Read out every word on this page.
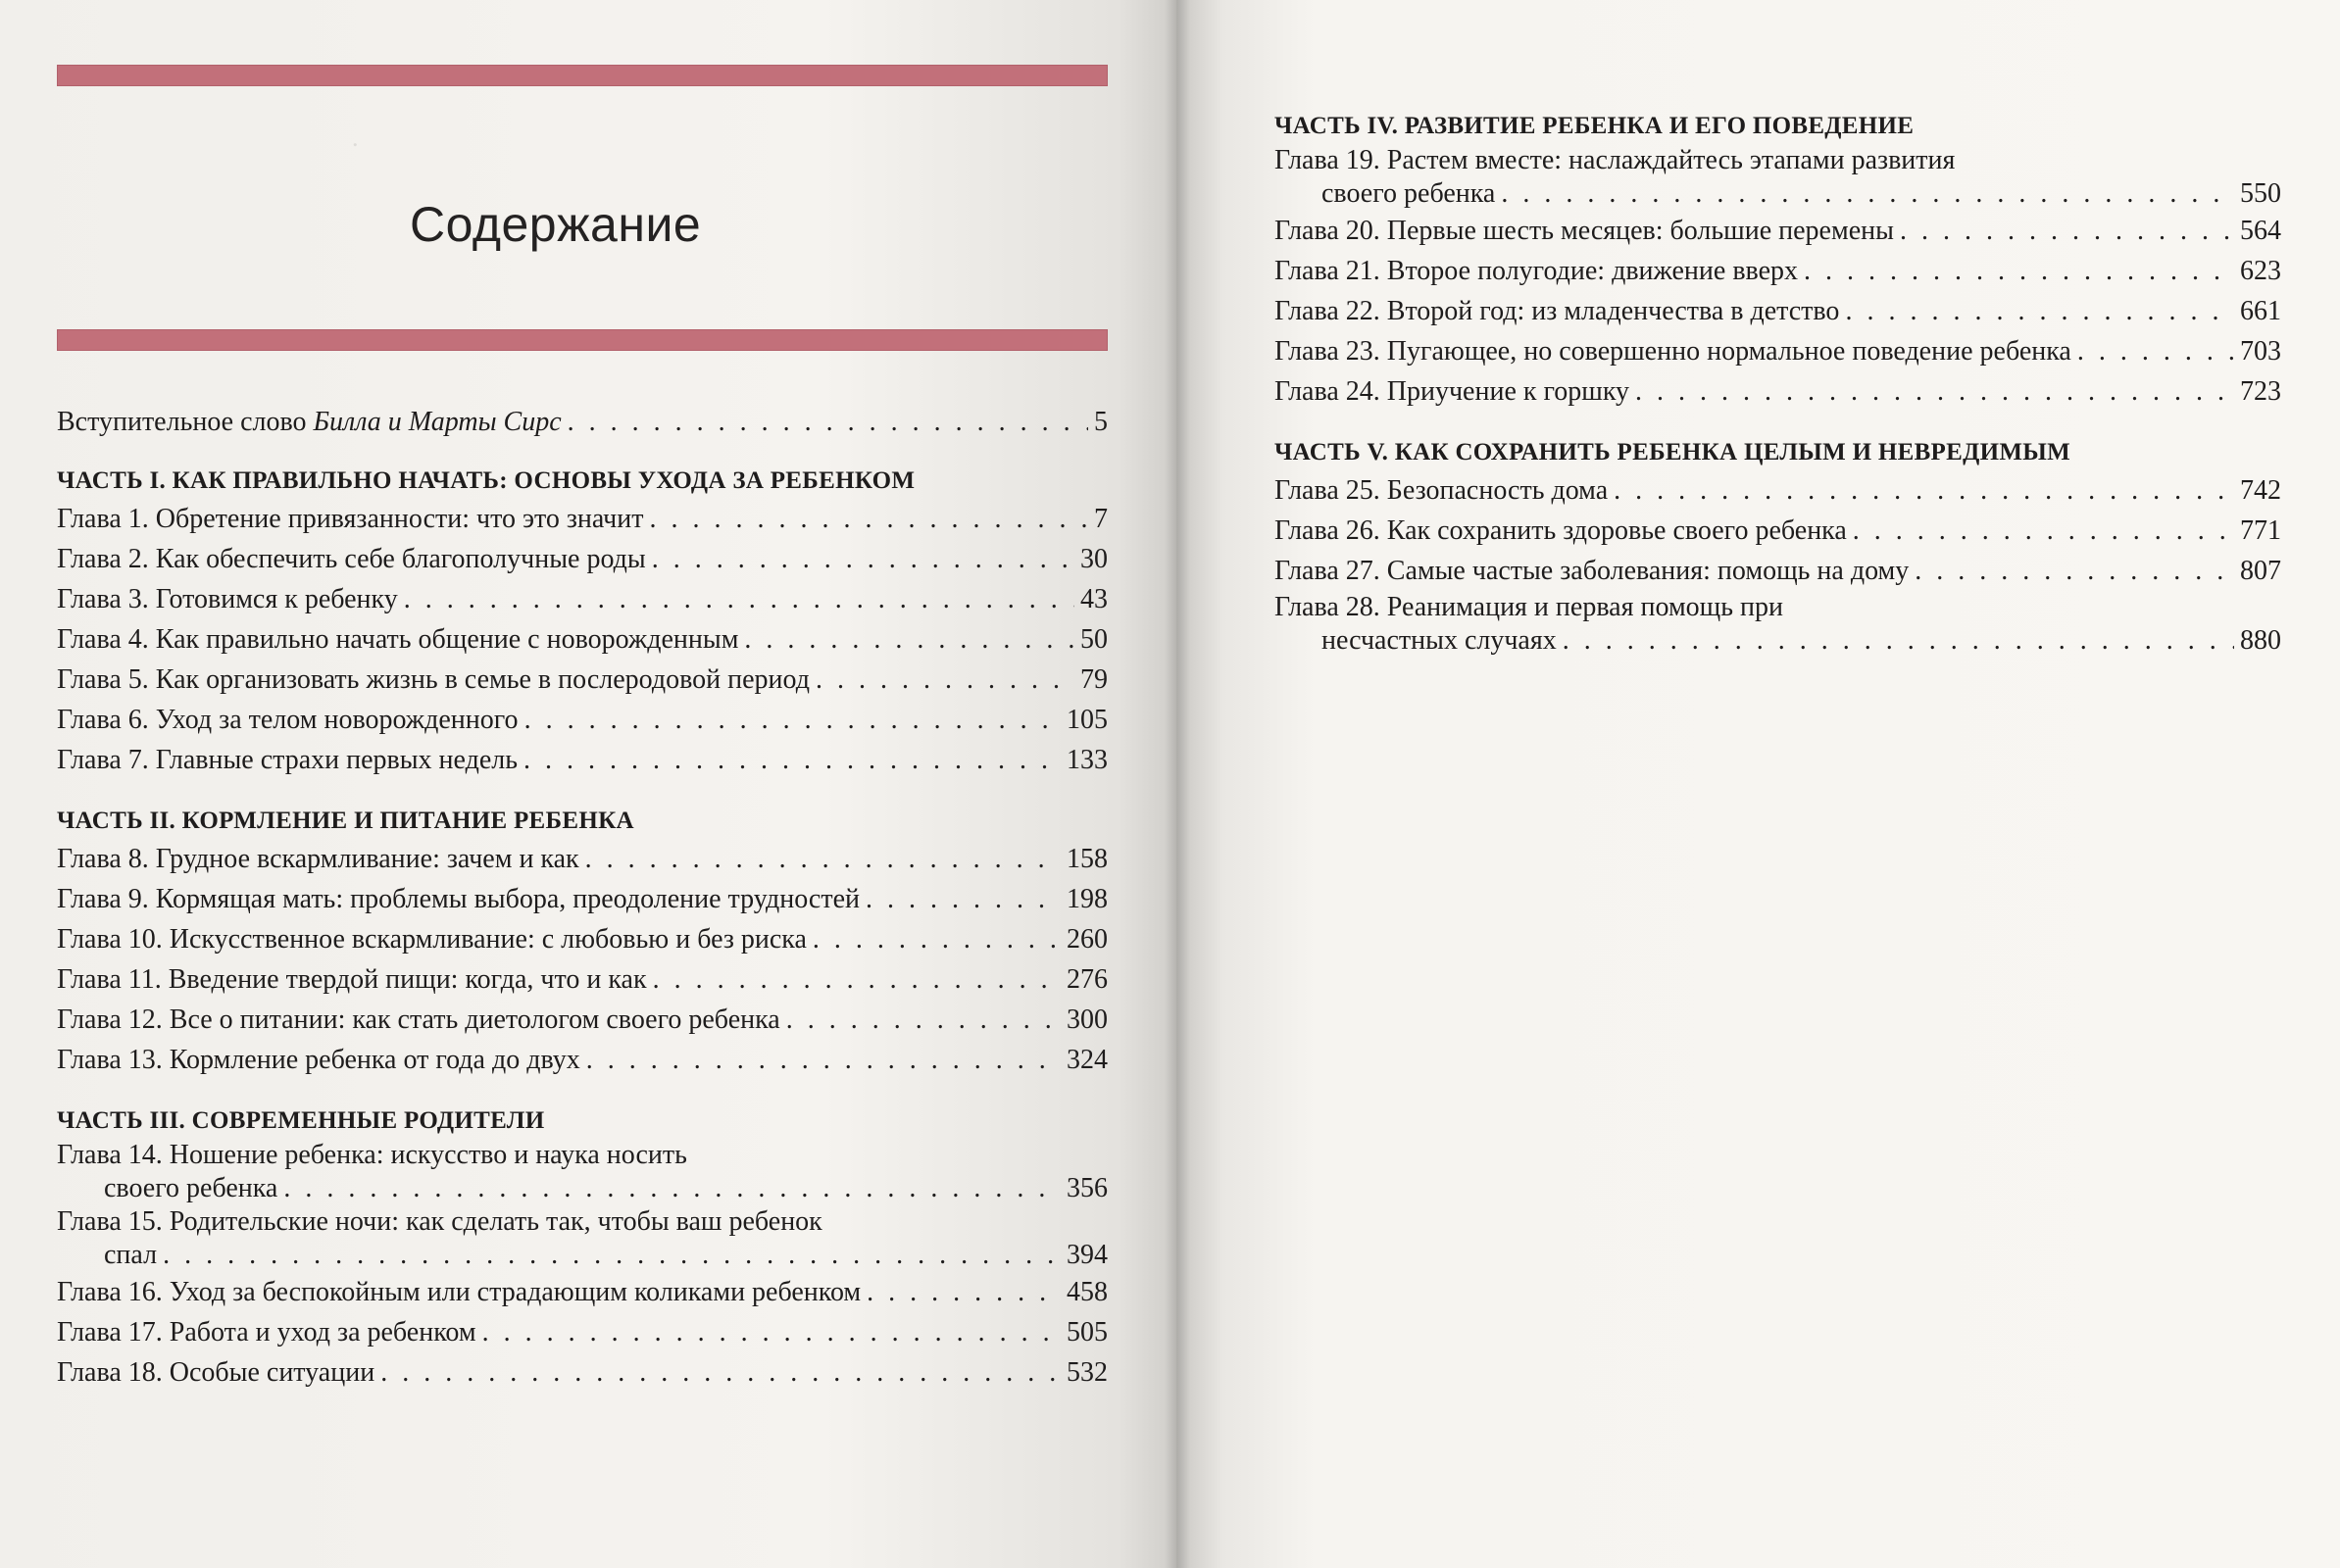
.
Содержание
Вступительное слово Билла и Марты Сирс . . .	5
ЧАСТЬ I. КАК ПРАВИЛЬНО НАЧАТЬ: ОСНОВЫ УХОДА ЗА РЕБЕНКОМ
Глава 1. Обретение привязанности: что это значит . . .	7
Глава 2. Как обеспечить себе благополучные роды . . .	30
Глава 3. Готовимся к ребенку . . .	43
Глава 4. Как правильно начать общение с новорожденным . . .	50
Глава 5. Как организовать жизнь в семье в послеродовой период . . .	79
Глава 6. Уход за телом новорожденного . . .	105
Глава 7. Главные страхи первых недель . . .	133
ЧАСТЬ II. КОРМЛЕНИЕ И ПИТАНИЕ РЕБЕНКА
Глава 8. Грудное вскармливание: зачем и как . . .	158
Глава 9. Кормящая мать: проблемы выбора, преодоление трудностей . . .	198
Глава 10. Искусственное вскармливание: с любовью и без риска . . .	260
Глава 11. Введение твердой пищи: когда, что и как . . .	276
Глава 12. Все о питании: как стать диетологом своего ребенка . . .	300
Глава 13. Кормление ребенка от года до двух . . .	324
ЧАСТЬ III. СОВРЕМЕННЫЕ РОДИТЕЛИ
Глава 14. Ношение ребенка: искусство и наука носить
своего ребенка . . .	356
Глава 15. Родительские ночи: как сделать так, чтобы ваш ребенок
спал . . .	394
Глава 16. Уход за беспокойным или страдающим коликами ребенком . . .	458
Глава 17. Работа и уход за ребенком . . .	505
Глава 18. Особые ситуации . . .	532
ЧАСТЬ IV. РАЗВИТИЕ РЕБЕНКА И ЕГО ПОВЕДЕНИЕ
Глава 19. Растем вместе: наслаждайтесь этапами развития
своего ребенка . . .	550
Глава 20. Первые шесть месяцев: большие перемены . . .	564
Глава 21. Второе полугодие: движение вверх . . .	623
Глава 22. Второй год: из младенчества в детство . . .	661
Глава 23. Пугающее, но совершенно нормальное поведение ребенка . . .	703
Глава 24. Приучение к горшку . . .	723
ЧАСТЬ V. КАК СОХРАНИТЬ РЕБЕНКА ЦЕЛЫМ И НЕВРЕДИМЫМ
Глава 25. Безопасность дома . . .	742
Глава 26. Как сохранить здоровье своего ребенка . . .	771
Глава 27. Самые частые заболевания: помощь на дому . . .	807
Глава 28. Реанимация и первая помощь при
несчастных случаях . . .	880
